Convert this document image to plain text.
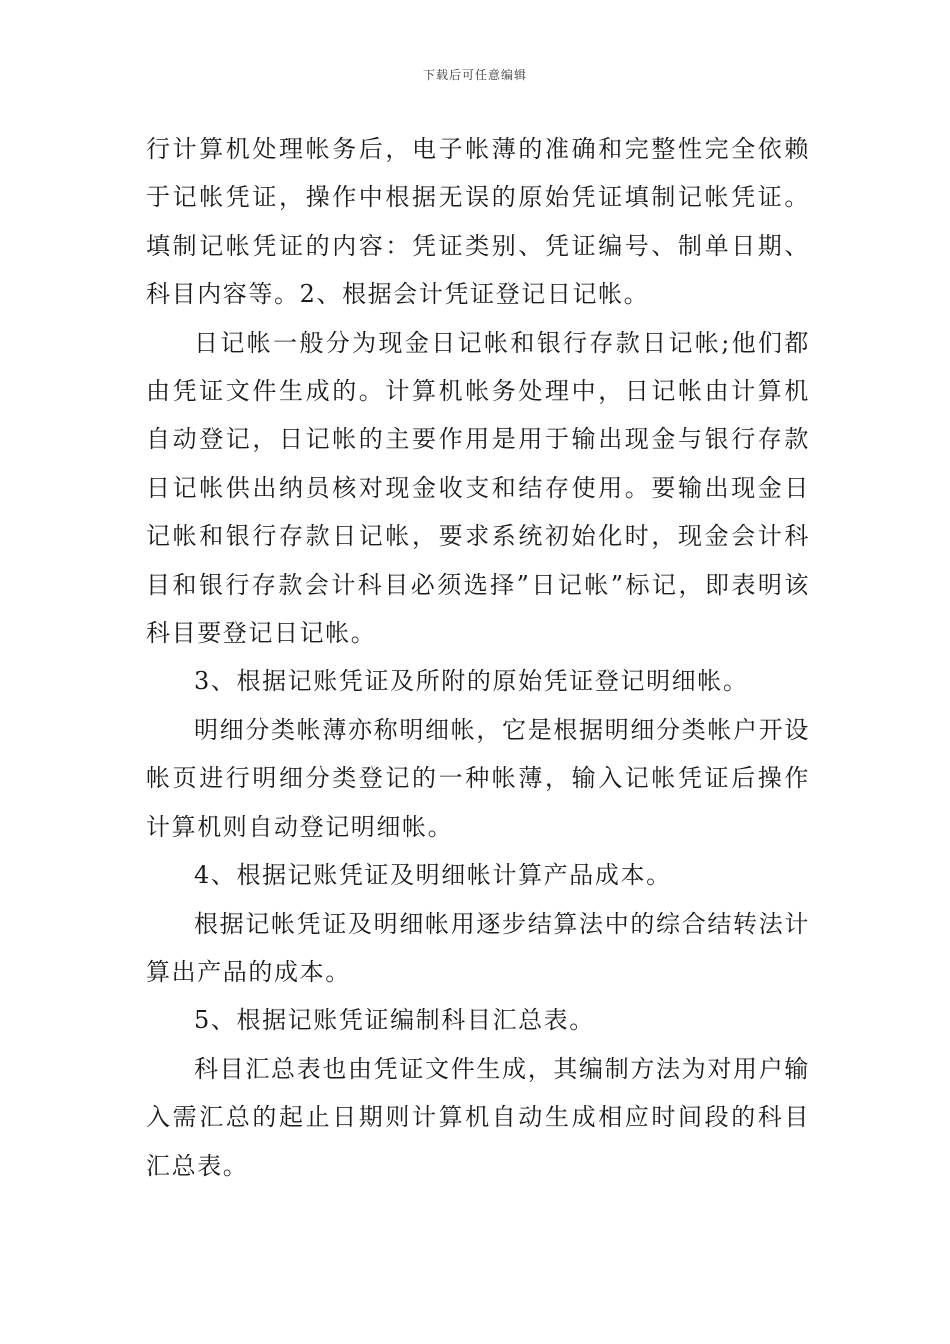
下载后可任意编辑

行计算机处理帐务后，电子帐薄的准确和完整性完全依赖于记帐凭证，操作中根据无误的原始凭证填制记帐凭证。填制记帐凭证的内容：凭证类别、凭证编号、制单日期、科目内容等。2、根据会计凭证登记日记帐。

日记帐一般分为现金日记帐和银行存款日记帐;他们都由凭证文件生成的。计算机帐务处理中，日记帐由计算机自动登记，日记帐的主要作用是用于输出现金与银行存款日记帐供出纳员核对现金收支和结存使用。要输出现金日记帐和银行存款日记帐，要求系统初始化时，现金会计科目和银行存款会计科目必须选择”日记帐”标记，即表明该科目要登记日记帐。

3、根据记账凭证及所附的原始凭证登记明细帐。

明细分类帐薄亦称明细帐，它是根据明细分类帐户开设帐页进行明细分类登记的一种帐薄，输入记帐凭证后操作计算机则自动登记明细帐。

4、根据记账凭证及明细帐计算产品成本。

根据记帐凭证及明细帐用逐步结算法中的综合结转法计算出产品的成本。

5、根据记账凭证编制科目汇总表。

科目汇总表也由凭证文件生成，其编制方法为对用户输入需汇总的起止日期则计算机自动生成相应时间段的科目汇总表。
